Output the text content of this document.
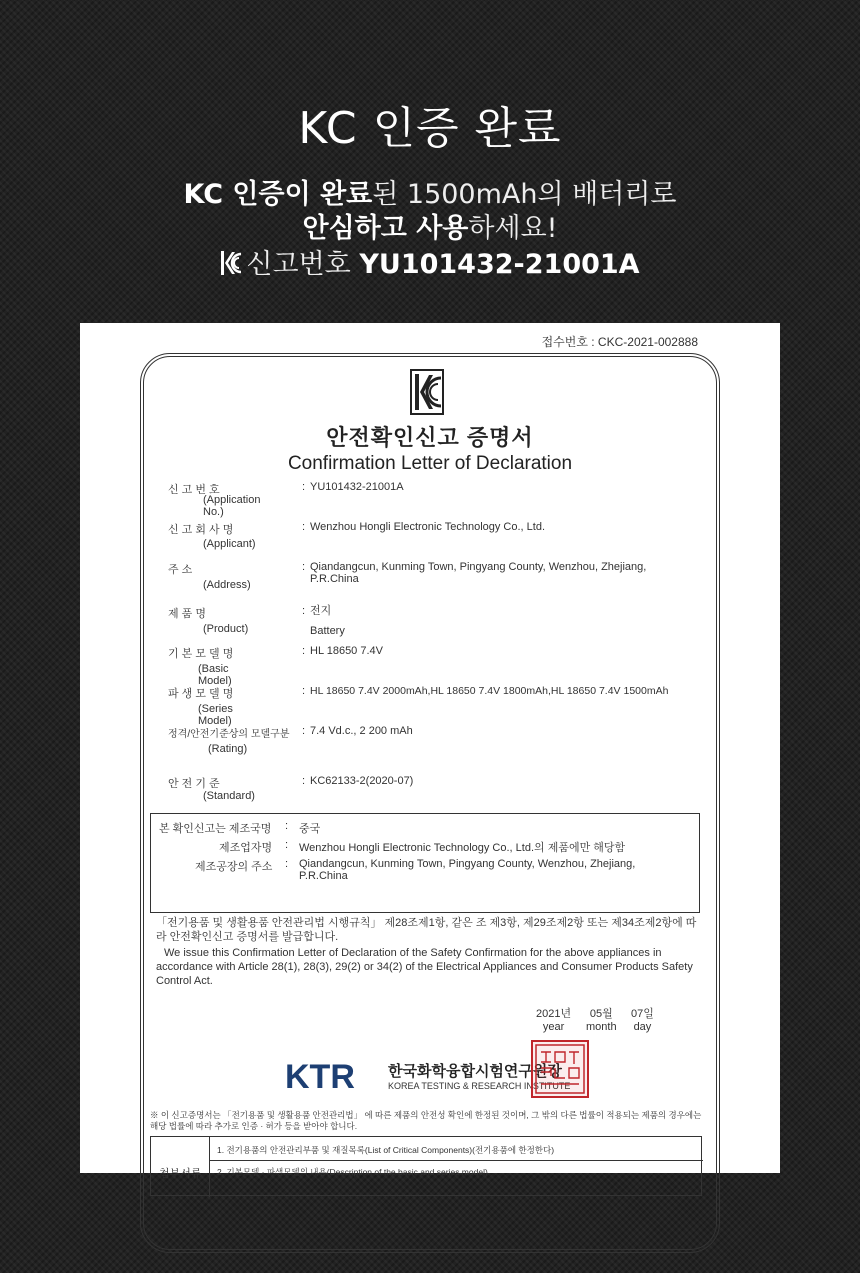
KC 인증 완료
KC 인증이 완료된 1500mAh의 배터리로
안심하고 사용하세요!
신고번호 YU101432-21001A
접수번호 : CKC-2021-002888
안전확인신고 증명서
Confirmation Letter of Declaration
신 고 번 호
(Application No.)
: YU101432-21001A
신 고 회 사 명
(Applicant)
: Wenzhou Hongli Electronic Technology Co., Ltd.
주 소
(Address)
: Qiandangcun, Kunming Town, Pingyang County, Wenzhou, Zhejiang, P.R.China
제 품 명
(Product)
: 전지
Battery
기 본 모 델 명
(Basic Model)
: HL 18650 7.4V
파 생 모 델 명
(Series Model)
: HL 18650 7.4V 2000mAh,HL 18650 7.4V 1800mAh,HL 18650 7.4V 1500mAh
정격/안전기준상의 모델구분
(Rating)
: 7.4 Vd.c., 2 200 mAh
안 전 기 준
(Standard)
: KC62133-2(2020-07)
본 확인신고는 제조국명 : 중국
제조업자명 : Wenzhou Hongli Electronic Technology Co., Ltd.의 제품에만 해당함
제조공장의 주소 : Qiandangcun, Kunming Town, Pingyang County, Wenzhou, Zhejiang, P.R.China

「전기용품 및 생활용품 안전관리법 시행규칙」 제28조제1항, 같은 조 제3항, 제29조제2항 또는 제34조제2항에 따라 안전확인신고 증명서를 발급합니다.

We issue this Confirmation Letter of Declaration of the Safety Confirmation for the above appliances in accordance with Article 28(1), 28(3), 29(2) or 34(2) of the Electrical Appliances and Consumer Products Safety Control Act.

2021년
year
05월
month
07일
day
KTR 한국화학융합시험연구원장
KOREA TESTING & RESEARCH INSTITUTE
※ 이 신고증명서는 「전기용품 및 생활용품 안전관리법」 에 따른 제품의 안전성 확인에 한정된 것이며, 그 밖의 다른 법률이 적용되는 제품의 경우에는 해당 법률에 따라 추가로 인증 · 허가 등을 받아야 합니다.
첨부서류
1. 전기용품의 안전관리부품 및 재질목록(List of Critical Components)(전기용품에 한정한다)
2. 기본모델 · 파생모델의 내용(Description of the basic and series model)
